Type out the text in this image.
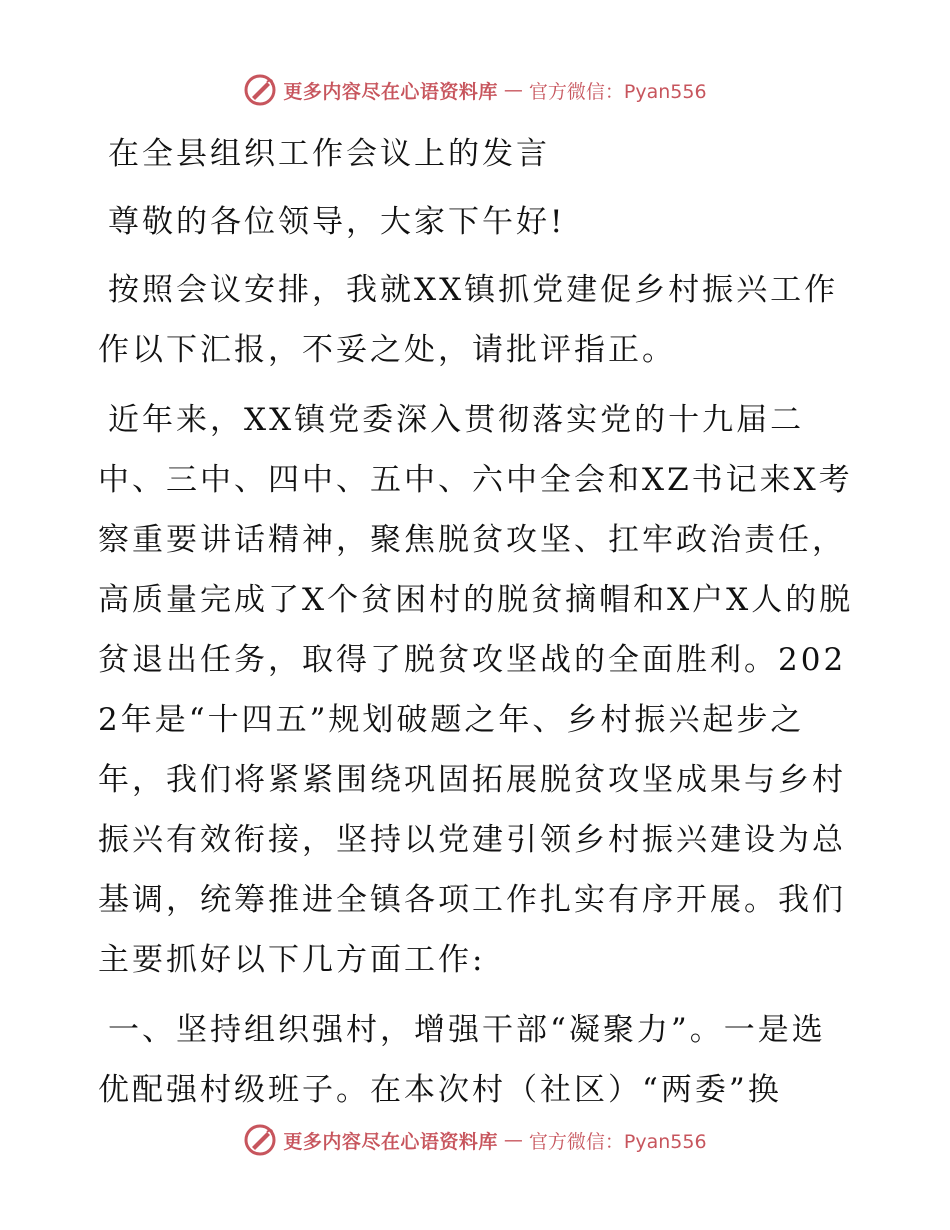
更多内容尽在心语资料库 — 官方微信：Pyan556

在全县组织工作会议上的发言

尊敬的各位领导，大家下午好!

按照会议安排，我就XX镇抓党建促乡村振兴工作作以下汇报，不妥之处，请批评指正。

近年来，XX镇党委深入贯彻落实党的十九届二中、三中、四中、五中、六中全会和XZ书记来X考察重要讲话精神，聚焦脱贫攻坚、扛牢政治责任，高质量完成了X个贫困村的脱贫摘帽和X户X人的脱贫退出任务，取得了脱贫攻坚战的全面胜利。2022年是“十四五”规划破题之年、乡村振兴起步之年，我们将紧紧围绕巩固拓展脱贫攻坚成果与乡村振兴有效衔接，坚持以党建引领乡村振兴建设为总基调，统筹推进全镇各项工作扎实有序开展。我们主要抓好以下几方面工作:

一、坚持组织强村，增强干部“凝聚力”。一是选优配强村级班子。在本次村（社区）“两委”换

更多内容尽在心语资料库 — 官方微信：Pyan556
